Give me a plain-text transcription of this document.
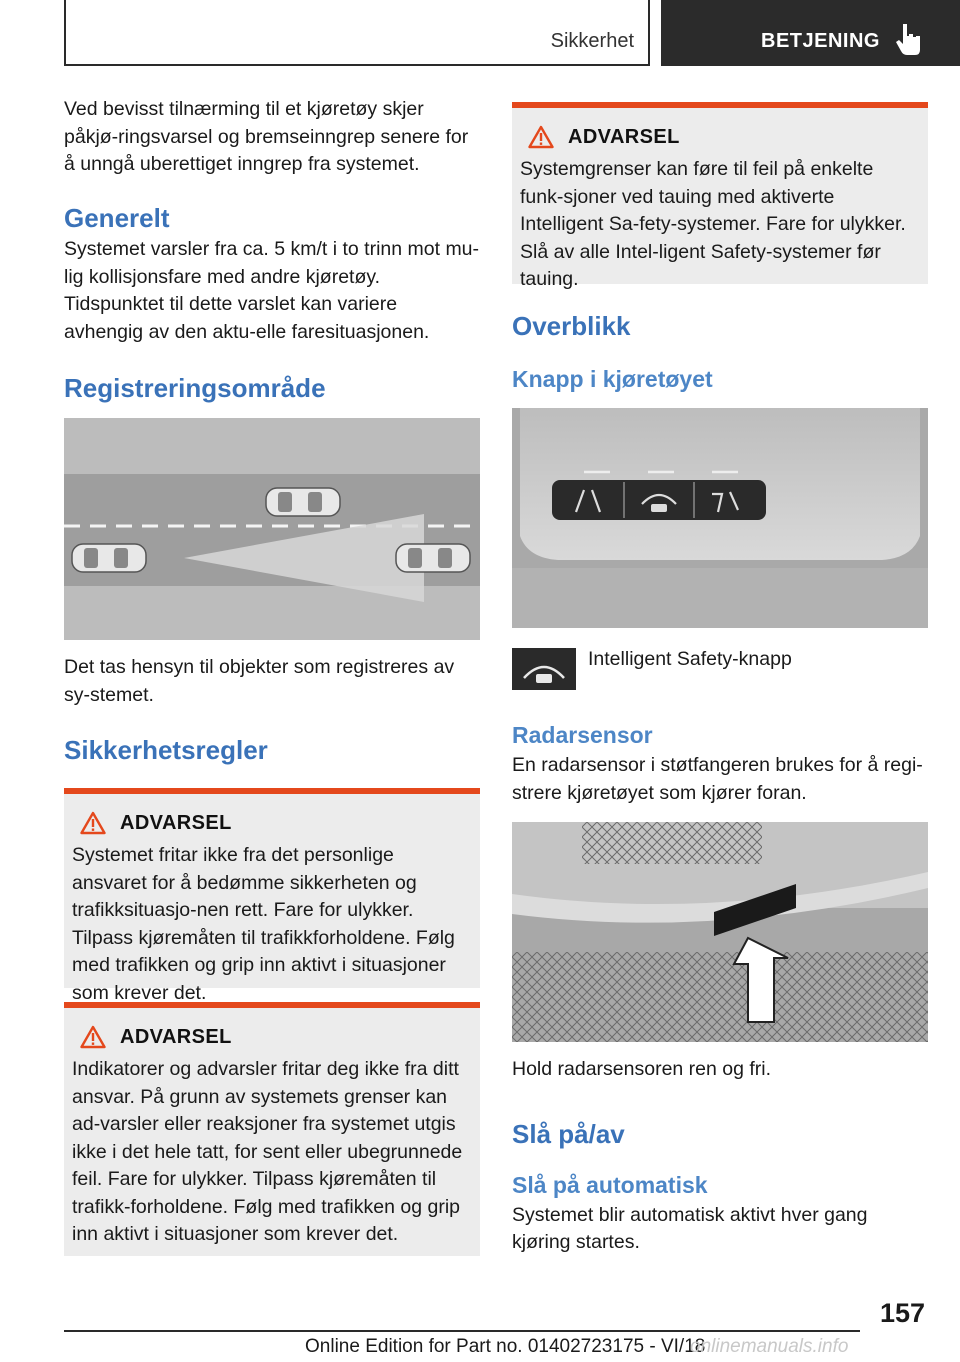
Sikkerhet	BETJENING

Ved bevisst tilnærming til et kjøretøy skjer påkjø-ringsvarsel og bremseinngrep senere for å unngå uberettiget inngrep fra systemet.

Generelt

Systemet varsler fra ca. 5 km/t i to trinn mot mu-lig kollisjonsfare med andre kjøretøy. Tidspunktet til dette varslet kan variere avhengig av den aktu-elle faresituasjonen.

Registreringsområde

Det tas hensyn til objekter som registreres av sy-stemet.

Sikkerhetsregler
ADVARSEL

Systemet fritar ikke fra det personlige ansvaret for å bedømme sikkerheten og trafikksituasjo-nen rett. Fare for ulykker. Tilpass kjøremåten til trafikkforholdene. Følg med trafikken og grip inn aktivt i situasjoner som krever det.

ADVARSEL

Indikatorer og advarsler fritar deg ikke fra ditt ansvar. På grunn av systemets grenser kan ad-varsler eller reaksjoner fra systemet utgis ikke i det hele tatt, for sent eller ubegrunnede feil. Fare for ulykker. Tilpass kjøremåten til trafikk-forholdene. Følg med trafikken og grip inn aktivt i situasjoner som krever det.

ADVARSEL

Systemgrenser kan føre til feil på enkelte funk-sjoner ved tauing med aktiverte Intelligent Sa-fety-systemer. Fare for ulykker. Slå av alle Intel-ligent Safety-systemer før tauing.

Overblikk
Knapp i kjøretøyet
Intelligent Safety-knapp
Radarsensor

En radarsensor i støtfangeren brukes for å regi-strere kjøretøyet som kjører foran.

Hold radarsensoren ren og fri.

Slå på/av
Slå på automatisk

Systemet blir automatisk aktivt hver gang kjøring startes.

157
Online Edition for Part no. 01402723175 - VI/18
onlinemanuals.info
